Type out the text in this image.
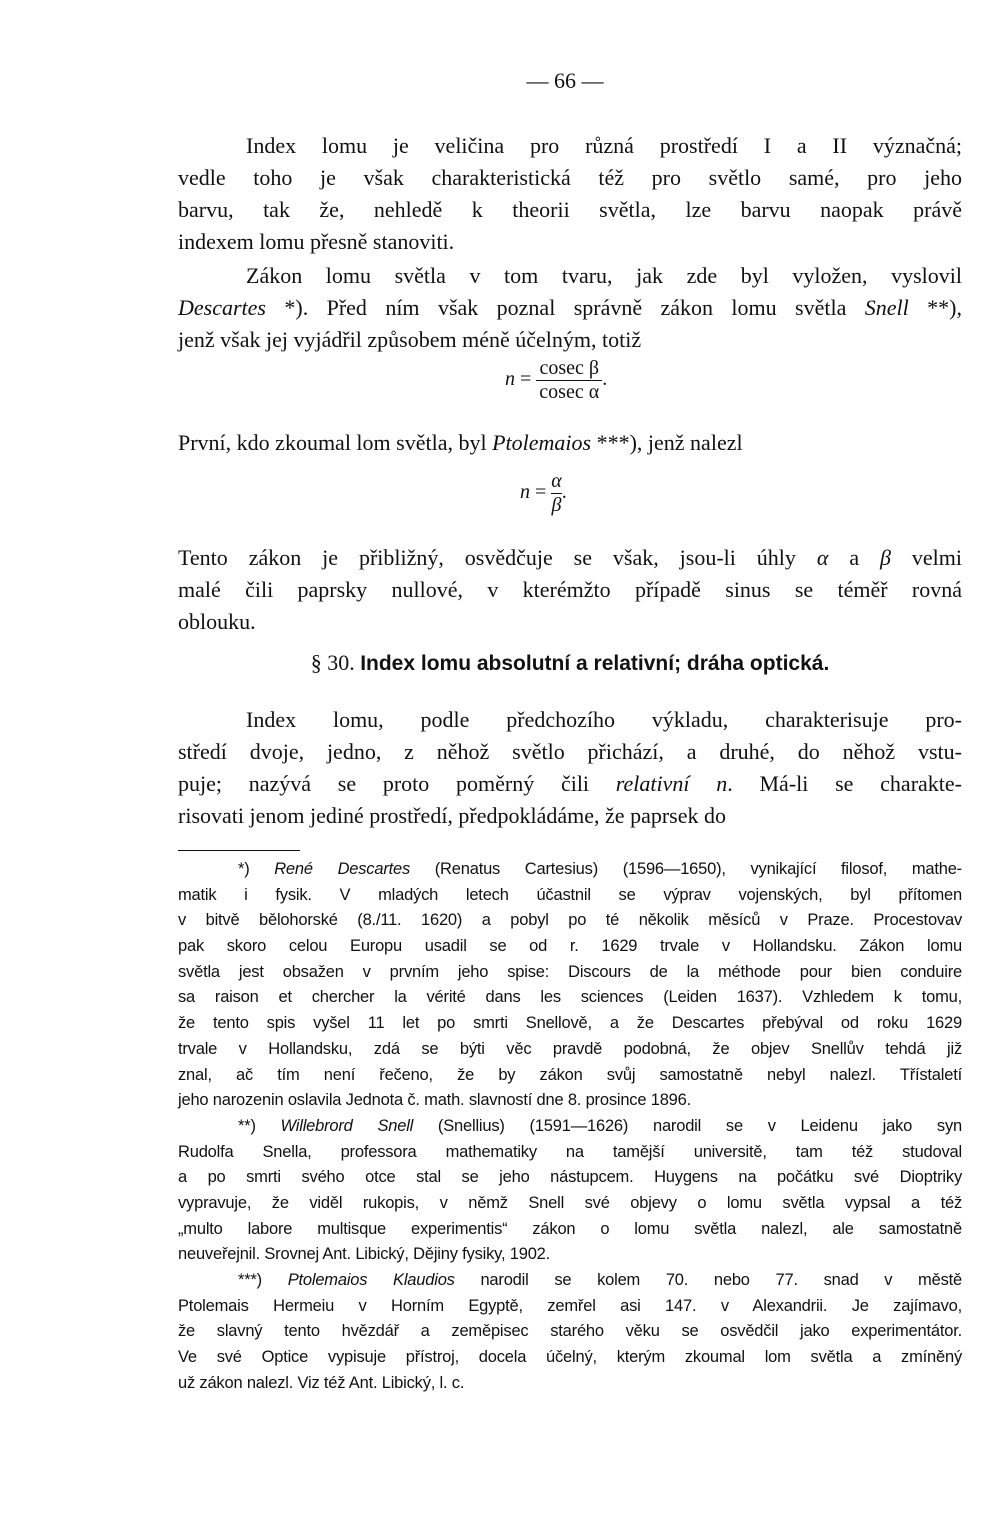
— 66 —
Index lomu je veličina pro různá prostředí I a II význačná;
vedle toho je však charakteristická též pro světlo samé, pro jeho
barvu, tak že, nehledě k theorii světla, lze barvu naopak právě
indexem lomu přesně stanoviti.
Zákon lomu světla v tom tvaru, jak zde byl vyložen, vyslovil
Descartes *). Před ním však poznal správně zákon lomu světla Snell **),
jenž však jej vyjádřil způsobem méně účelným, totiž
$n = \frac{\text{cosec β}}{\text{cosec α}}$ .
První, kdo zkoumal lom světla, byl Ptolemaios ***), jenž nalezl
$n = \frac{\alpha}{\beta}$ .
Tento zákon je přibližný, osvědčuje se však, jsou-li úhly α a β velmi
malé čili paprsky nullové, v kterémžto případě sinus se téměř rovná
oblouku.
§ 30. Index lomu absolutní a relativní; dráha optická.
Index lomu, podle předchozího výkladu, charakterisuje pro-
středí dvoje, jedno, z něhož světlo přichází, a druhé, do něhož vstu-
puje; nazývá se proto poměrný čili relativní n. Má-li se charakte-
risovati jenom jediné prostředí, předpokládáme, že paprsek do
*) René Descartes (Renatus Cartesius) (1596—1650), vynikající filosof, mathe-
matik i fysik. V mladých letech účastnil se výprav vojenských, byl přítomen
v bitvě bělohorské (8./11. 1620) a pobyl po té několik měsíců v Praze. Procestovav
pak skoro celou Europu usadil se od r. 1629 trvale v Hollandsku. Zákon lomu
světla jest obsažen v prvním jeho spise: Discours de la méthode pour bien conduire
sa raison et chercher la vérité dans les sciences (Leiden 1637). Vzhledem k tomu,
že tento spis vyšel 11 let po smrti Snellově, a že Descartes přebýval od roku 1629
trvale v Hollandsku, zdá se býti věc pravdě podobná, že objev Snellův tehdá již
znal, ač tím není řečeno, že by zákon svůj samostatně nebyl nalezl. Třístaletí
jeho narozenin oslavila Jednota č. math. slavností dne 8. prosince 1896.
**) Willebrord Snell (Snellius) (1591—1626) narodil se v Leidenu jako syn
Rudolfa Snella, professora mathematiky na tamější universitě, tam též studoval
a po smrti svého otce stal se jeho nástupcem. Huygens na počátku své Dioptriky
vypravuje, že viděl rukopis, v němž Snell své objevy o lomu světla vypsal a též
„multo labore multisque experimentis“ zákon o lomu světla nalezl, ale samostatně
neuveřejnil. Srovnej Ant. Libický, Dějiny fysiky, 1902.
***) Ptolemaios Klaudios narodil se kolem 70. nebo 77. snad v městě
Ptolemais Hermeiu v Horním Egyptě, zemřel asi 147. v Alexandrii. Je zajímavo,
že slavný tento hvězdář a zeměpisec starého věku se osvědčil jako experimentátor.
Ve své Optice vypisuje přístroj, docela účelný, kterým zkoumal lom světla a zmíněný
už zákon nalezl. Viz též Ant. Libický, l. c.
